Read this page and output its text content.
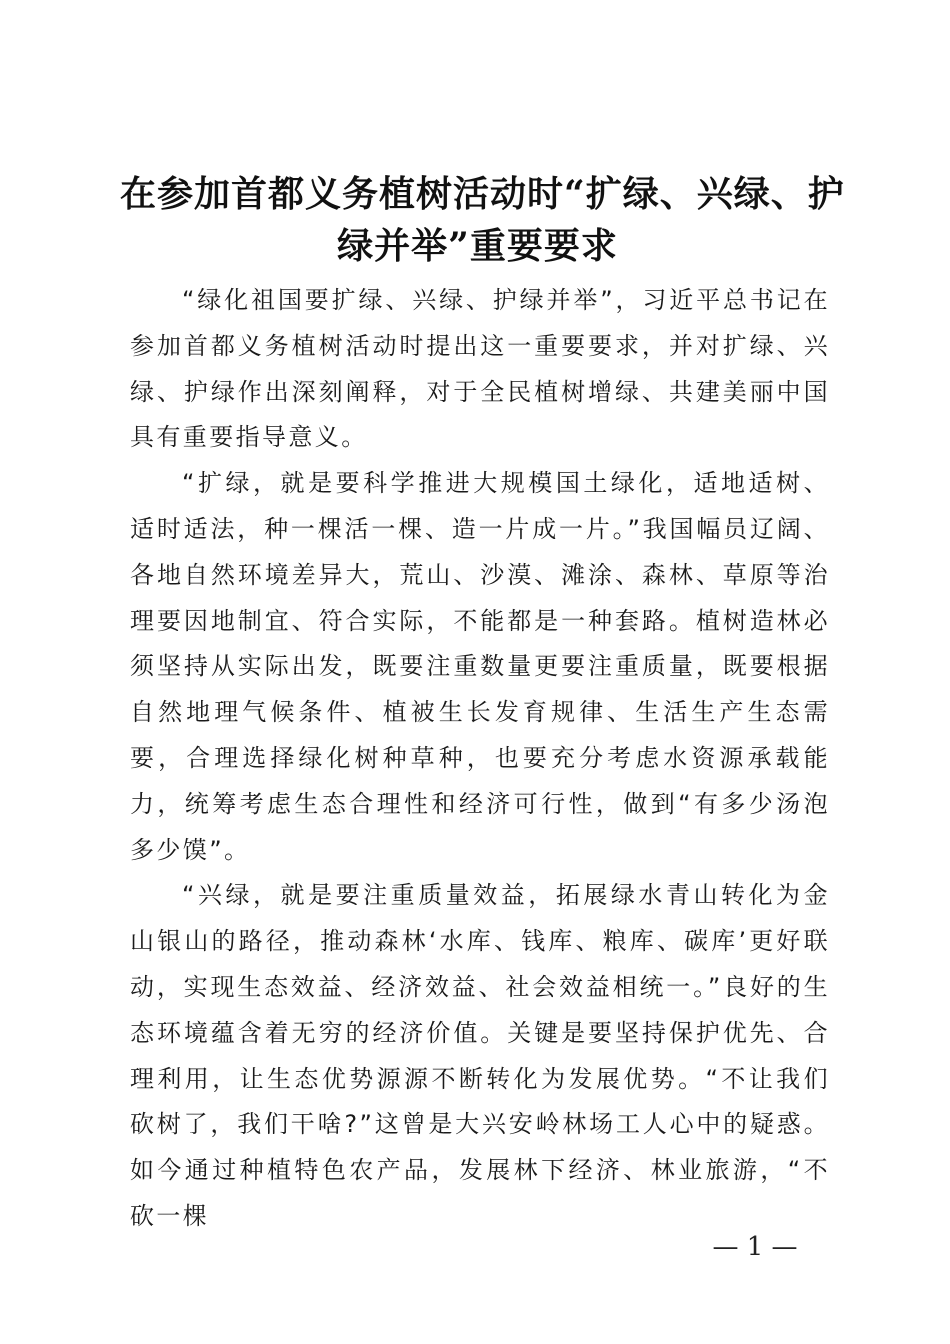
在参加首都义务植树活动时“扩绿、兴绿、护
绿并举”重要要求

“绿化祖国要扩绿、兴绿、护绿并举”，习近平总书记在参加首都义务植树活动时提出这一重要要求，并对扩绿、兴绿、护绿作出深刻阐释，对于全民植树增绿、共建美丽中国具有重要指导意义。

“扩绿，就是要科学推进大规模国土绿化，适地适树、适时适法，种一棵活一棵、造一片成一片。”我国幅员辽阔、各地自然环境差异大，荒山、沙漠、滩涂、森林、草原等治理要因地制宜、符合实际，不能都是一种套路。植树造林必须坚持从实际出发，既要注重数量更要注重质量，既要根据自然地理气候条件、植被生长发育规律、生活生产生态需要，合理选择绿化树种草种，也要充分考虑水资源承载能力，统筹考虑生态合理性和经济可行性，做到“有多少汤泡多少馍”。

“兴绿，就是要注重质量效益，拓展绿水青山转化为金山银山的路径，推动森林‘水库、钱库、粮库、碳库’更好联动，实现生态效益、经济效益、社会效益相统一。”良好的生态环境蕴含着无穷的经济价值。关键是要坚持保护优先、合理利用，让生态优势源源不断转化为发展优势。“不让我们砍树了，我们干啥?”这曾是大兴安岭林场工人心中的疑惑。如今通过种植特色农产品，发展林下经济、林业旅游，“不砍一棵

— 1 —
